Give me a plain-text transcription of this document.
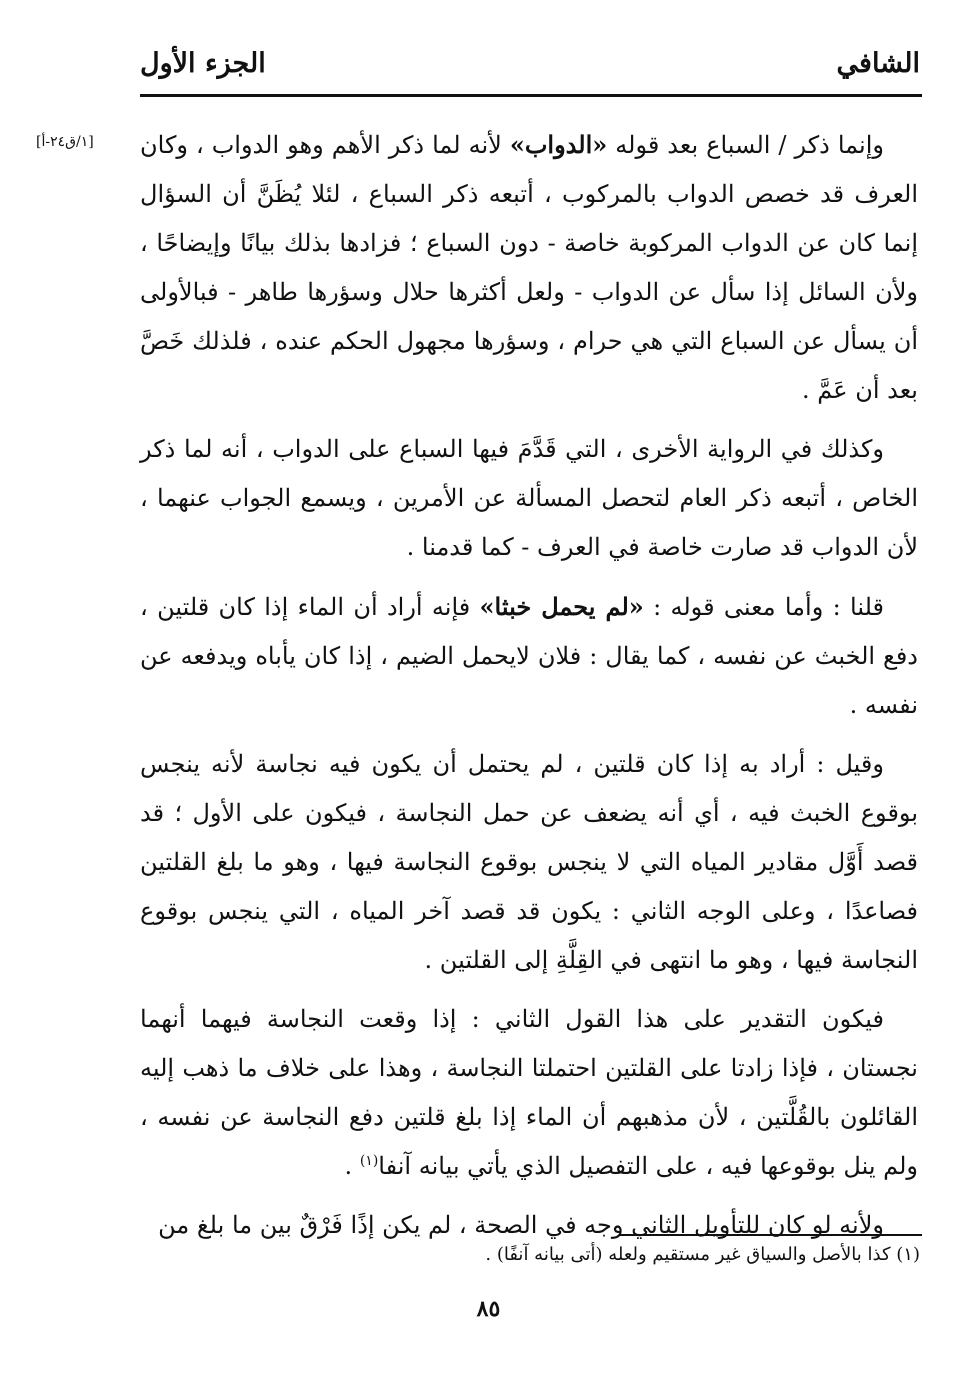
الشافي
الجزء الأول
[١/ق٢٤-أ]	وإنما ذكر / السباع بعد قوله «الدواب» لأنه لما ذكر الأهم وهو الدواب ، وكان العرف قد خصص الدواب بالمركوب ، أتبعه ذكر السباع ، لئلا يُظَنَّ أن السؤال إنما كان عن الدواب المركوبة خاصة - دون السباع ؛ فزادها بذلك بيانًا وإيضاحًا ، ولأن السائل إذا سأل عن الدواب - ولعل أكثرها حلال وسؤرها طاهر - فبالأولى أن يسأل عن السباع التي هي حرام ، وسؤرها مجهول الحكم عنده ، فلذلك خَصَّ بعد أن عَمَّ .

وكذلك في الرواية الأخرى ، التي قَدَّمَ فيها السباع على الدواب ، أنه لما ذكر الخاص ، أتبعه ذكر العام لتحصل المسألة عن الأمرين ، ويسمع الجواب عنهما ، لأن الدواب قد صارت خاصة في العرف - كما قدمنا .

قلنا : وأما معنى قوله : «لم يحمل خبثا» فإنه أراد أن الماء إذا كان قلتين ، دفع الخبث عن نفسه ، كما يقال : فلان لايحمل الضيم ، إذا كان يأباه ويدفعه عن نفسه .

وقيل : أراد به إذا كان قلتين ، لم يحتمل أن يكون فيه نجاسة لأنه ينجس بوقوع الخبث فيه ، أي أنه يضعف عن حمل النجاسة ، فيكون على الأول ؛ قد قصد أَوَّل مقادير المياه التي لا ينجس بوقوع النجاسة فيها ، وهو ما بلغ القلتين فصاعدًا ، وعلى الوجه الثاني : يكون قد قصد آخر المياه ، التي ينجس بوقوع النجاسة فيها ، وهو ما انتهى في القِلَّةِ إلى القلتين .

فيكون التقدير على هذا القول الثاني : إذا وقعت النجاسة فيهما أنهما نجستان ، فإذا زادتا على القلتين احتملتا النجاسة ، وهذا على خلاف ما ذهب إليه القائلون بالقُلَّتين ، لأن مذهبهم أن الماء إذا بلغ قلتين دفع النجاسة عن نفسه ، ولم ينل بوقوعها فيه ، على التفصيل الذي يأتي بيانه آنفا$^{(١)}$ .

ولأنه لو كان للتأويل الثاني وجه في الصحة ، لم يكن إذًا فَرْقٌ بين ما بلغ من

(١) كذا بالأصل والسياق غير مستقيم ولعله (أتى بيانه آنفًا) .
٨٥
